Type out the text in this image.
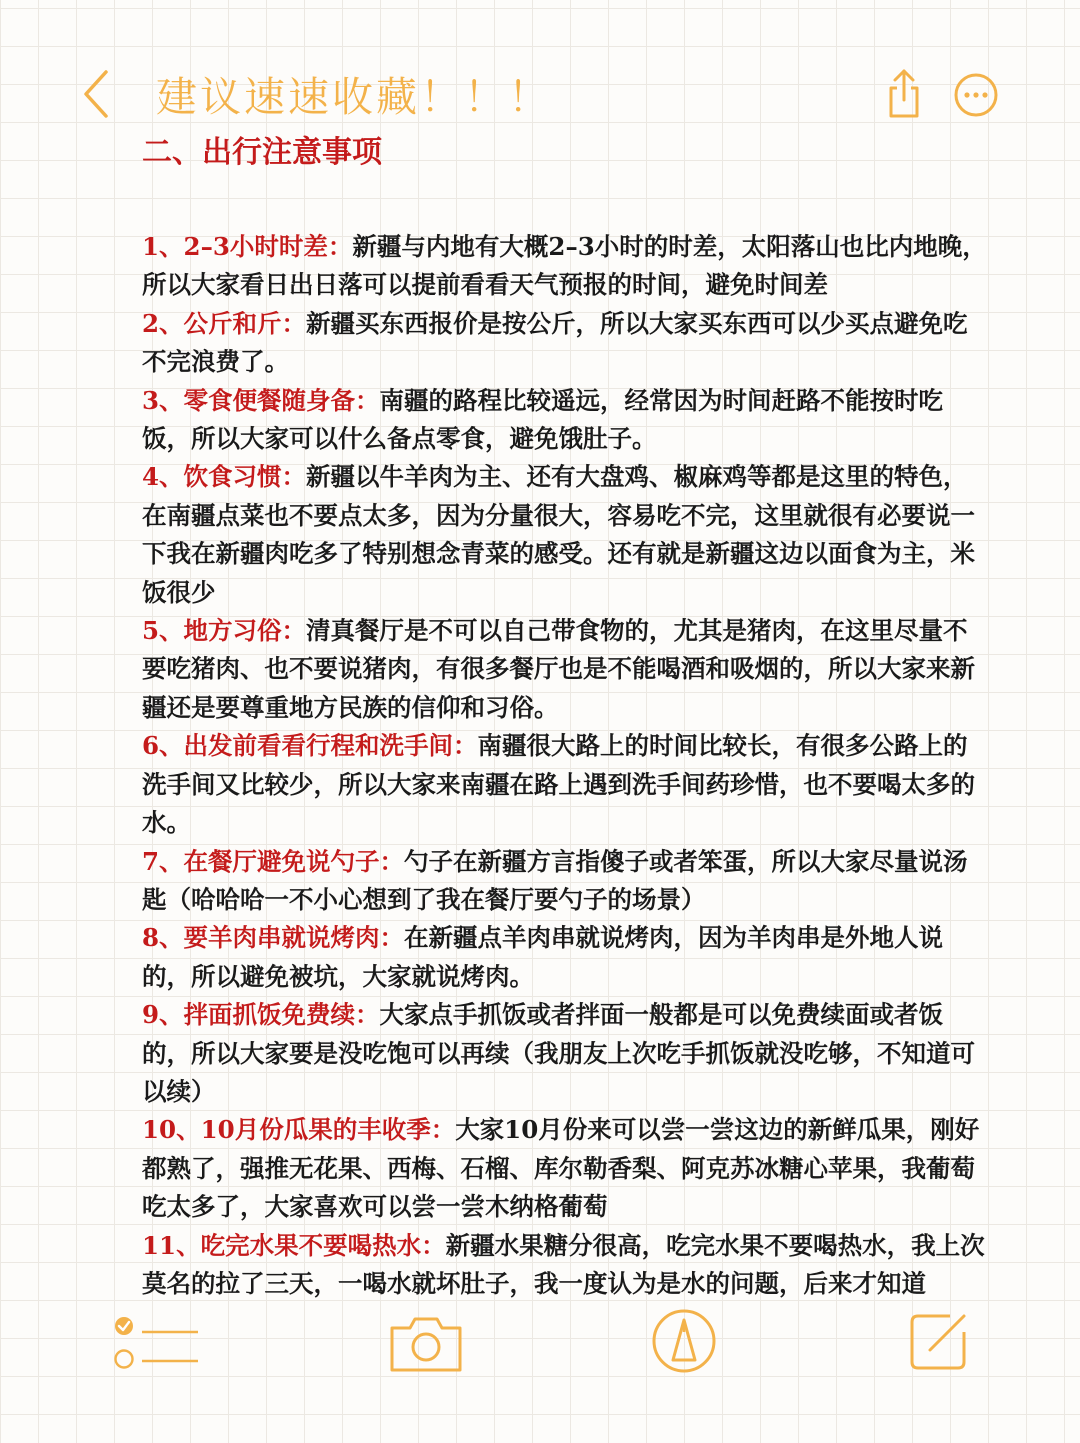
建议速速收藏！！！
二、出行注意事项

1、2–3小时时差：新疆与内地有大概2–3小时的时差，太阳落山也比内地晚，所以大家看日出日落可以提前看看天气预报的时间，避免时间差

2、公斤和斤：新疆买东西报价是按公斤，所以大家买东西可以少买点避免吃不完浪费了。

3、零食便餐随身备：南疆的路程比较遥远，经常因为时间赶路不能按时吃饭，所以大家可以什么备点零食，避免饿肚子。

4、饮食习惯：新疆以牛羊肉为主、还有大盘鸡、椒麻鸡等都是这里的特色，在南疆点菜也不要点太多，因为分量很大，容易吃不完，这里就很有必要说一下我在新疆肉吃多了特别想念青菜的感受。还有就是新疆这边以面食为主，米饭很少

5、地方习俗：清真餐厅是不可以自己带食物的，尤其是猪肉，在这里尽量不要吃猪肉、也不要说猪肉，有很多餐厅也是不能喝酒和吸烟的，所以大家来新疆还是要尊重地方民族的信仰和习俗。

6、出发前看看行程和洗手间：南疆很大路上的时间比较长，有很多公路上的洗手间又比较少，所以大家来南疆在路上遇到洗手间药珍惜，也不要喝太多的水。

7、在餐厅避免说勺子：勺子在新疆方言指傻子或者笨蛋，所以大家尽量说汤匙（哈哈哈一不小心想到了我在餐厅要勺子的场景）

8、要羊肉串就说烤肉：在新疆点羊肉串就说烤肉，因为羊肉串是外地人说的，所以避免被坑，大家就说烤肉。

9、拌面抓饭免费续：大家点手抓饭或者拌面一般都是可以免费续面或者饭的，所以大家要是没吃饱可以再续（我朋友上次吃手抓饭就没吃够，不知道可以续）

10、10月份瓜果的丰收季：大家10月份来可以尝一尝这边的新鲜瓜果，刚好都熟了，强推无花果、西梅、石榴、库尔勒香梨、阿克苏冰糖心苹果，我葡萄吃太多了，大家喜欢可以尝一尝木纳格葡萄

11、吃完水果不要喝热水：新疆水果糖分很高，吃完水果不要喝热水，我上次莫名的拉了三天，一喝水就坏肚子，我一度认为是水的问题，后来才知道
